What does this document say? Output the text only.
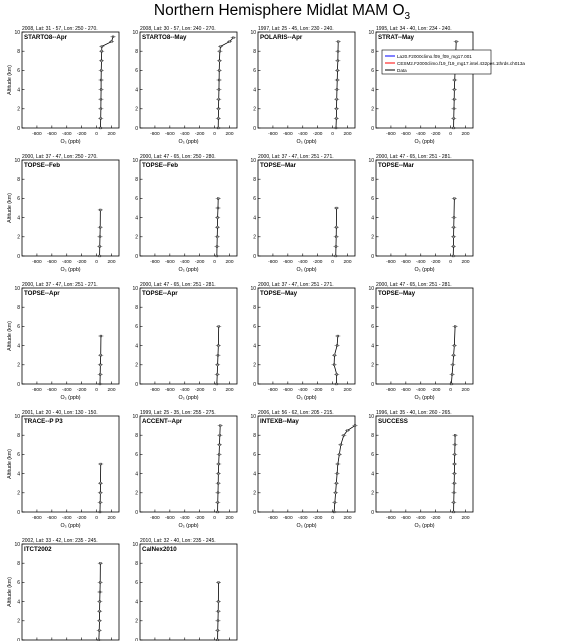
Northern Hemisphere Midlat MAM $O_3$
2008, Lat: 31 - 57, Lon: 250 - 270.
STARTO8--Apr
0
2
4
6
8
10
-800 -600 -400 -200 0 200
O₃ (ppb)
Altitude (km)
2008, Lat: 30 - 57, Lon: 240 - 270.
STARTO8--May
0
2
4
6
8
10
-800 -600 -400 -200 0 200
O₃ (ppb)
1997, Lat: 25 - 45, Lon: 230 - 240.
POLARIS--Apr
0
2
4
6
8
10
-800 -600 -400 -200 0 200
O₃ (ppb)
1995, Lat: 34 - 40, Lon: 234 - 240.
STRAT--May
0
2
4
6
8
10
-800 -600 -400 -200 0 200
O₃ (ppb)
2000, Lat: 37 - 47, Lon: 250 - 270.
TOPSE--Feb
0
2
4
6
8
10
-800 -600 -400 -200 0 200
O₃ (ppb)
Altitude (km)
2000, Lat: 47 - 65, Lon: 250 - 280.
TOPSE--Feb
0
2
4
6
8
10
-800 -600 -400 -200 0 200
O₃ (ppb)
2000, Lat: 37 - 47, Lon: 251 - 271.
TOPSE--Mar
0
2
4
6
8
10
-800 -600 -400 -200 0 200
O₃ (ppb)
2000, Lat: 47 - 65, Lon: 251 - 281.
TOPSE--Mar
0
2
4
6
8
10
-800 -600 -400 -200 0 200
O₃ (ppb)
2000, Lat: 37 - 47, Lon: 251 - 271.
TOPSE--Apr
0
2
4
6
8
10
-800 -600 -400 -200 0 200
O₃ (ppb)
Altitude (km)
2000, Lat: 47 - 65, Lon: 251 - 281.
TOPSE--Apr
0
2
4
6
8
10
-800 -600 -400 -200 0 200
O₃ (ppb)
2000, Lat: 37 - 47, Lon: 251 - 271.
TOPSE--May
0
2
4
6
8
10
-800 -600 -400 -200 0 200
O₃ (ppb)
2000, Lat: 47 - 65, Lon: 251 - 281.
TOPSE--May
0
2
4
6
8
10
-800 -600 -400 -200 0 200
O₃ (ppb)
2001, Lat: 20 - 40, Lon: 130 - 150.
TRACE--P P3
0
2
4
6
8
10
-800 -600 -400 -200 0 200
O₃ (ppb)
Altitude (km)
1999, Lat: 25 - 35, Lon: 255 - 275.
ACCENT--Apr
0
2
4
6
8
10
-800 -600 -400 -200 0 200
O₃ (ppb)
2006, Lat: 56 - 62, Lon: 205 - 215.
INTEXB--May
0
2
4
6
8
10
-800 -600 -400 -200 0 200
O₃ (ppb)
1996, Lat: 35 - 40, Lon: 260 - 265.
SUCCESS
0
2
4
6
8
10
-800 -600 -400 -200 0 200
O₃ (ppb)
2002, Lat: 33 - 42, Lon: 235 - 245.
ITCT2002
0
2
4
6
8
10
Altitude (km)
2010, Lat: 32 - 40, Lon: 235 - 245.
CalNex2010
0
2
4
6
8
10
La20.F2000climo.f09_f09_mg17.001
CESM2.F2000climo.f19_f19_mg17.intel.432pes.1thrds.ch013a
Data
